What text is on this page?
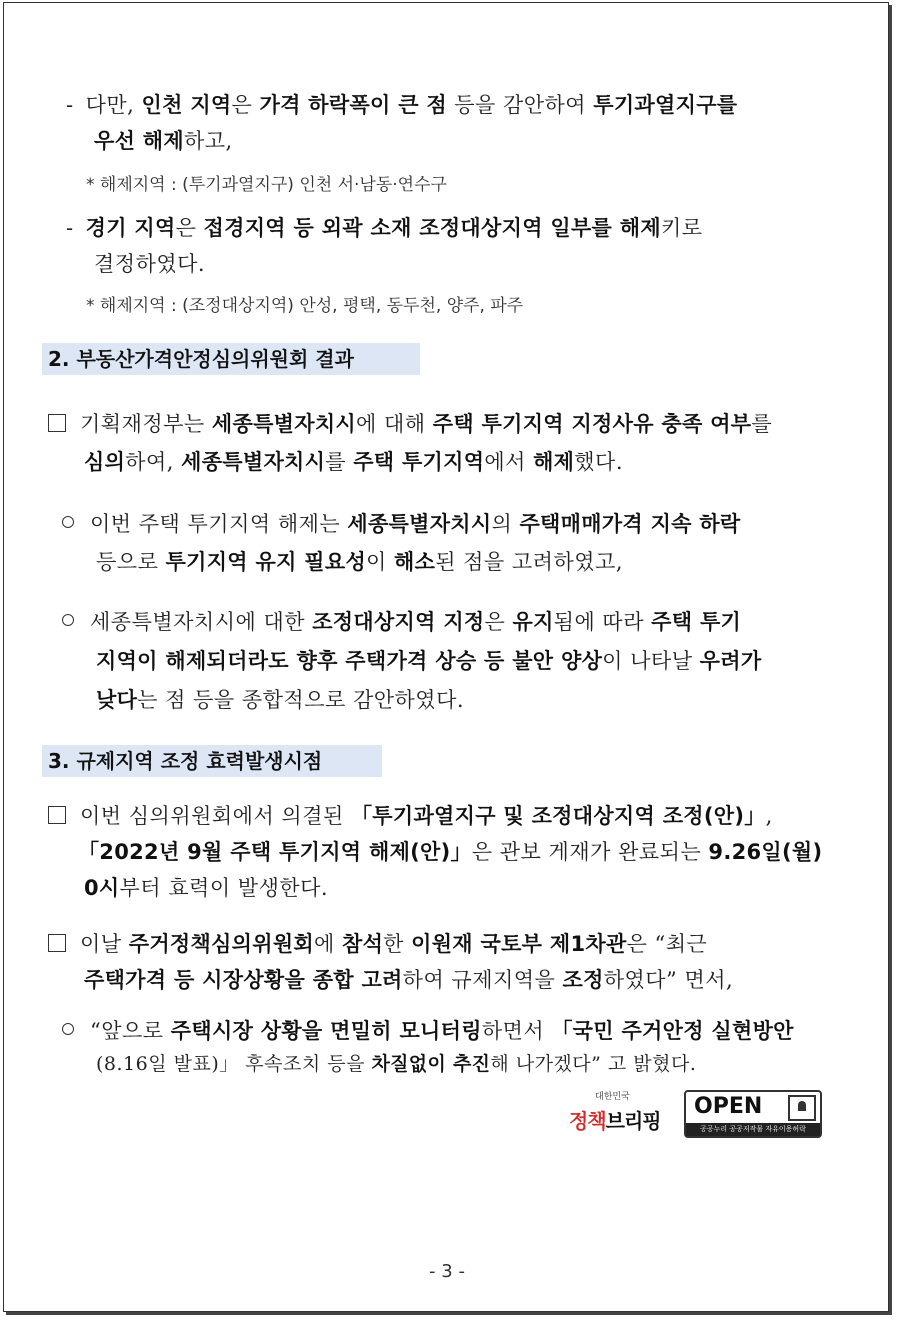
- 다만, 인천 지역은 가격 하락폭이 큰 점 등을 감안하여 투기과열지구를
우선 해제하고,
* 해제지역 : (투기과열지구) 인천 서·남동·연수구
- 경기 지역은 접경지역 등 외곽 소재 조정대상지역 일부를 해제키로
결정하였다.
* 해제지역 : (조정대상지역) 안성, 평택, 동두천, 양주, 파주
2. 부동산가격안정심의위원회 결과
기획재정부는 세종특별자치시에 대해 주택 투기지역 지정사유 충족 여부를
심의하여, 세종특별자치시를 주택 투기지역에서 해제했다.
이번 주택 투기지역 해제는 세종특별자치시의 주택매매가격 지속 하락
등으로 투기지역 유지 필요성이 해소된 점을 고려하였고,
세종특별자치시에 대한 조정대상지역 지정은 유지됨에 따라 주택 투기
지역이 해제되더라도 향후 주택가격 상승 등 불안 양상이 나타날 우려가
낮다는 점 등을 종합적으로 감안하였다.
3. 규제지역 조정 효력발생시점
이번 심의위원회에서 의결된 「투기과열지구 및 조정대상지역 조정(안)」,
「2022년 9월 주택 투기지역 해제(안)」은 관보 게재가 완료되는 9.26일(월)
0시부터 효력이 발생한다.
이날 주거정책심의위원회에 참석한 이원재 국토부 제1차관은 “최근
주택가격 등 시장상황을 종합 고려하여 규제지역을 조정하였다” 면서,
“앞으로 주택시장 상황을 면밀히 모니터링하면서 「국민 주거안정 실현방안
(8.16일 발표)」 후속조치 등을 차질없이 추진해 나가겠다” 고 밝혔다.
대한민국
정책브리핑
OPEN
공공누리 공공저작물 자유이용허락
- 3 -
